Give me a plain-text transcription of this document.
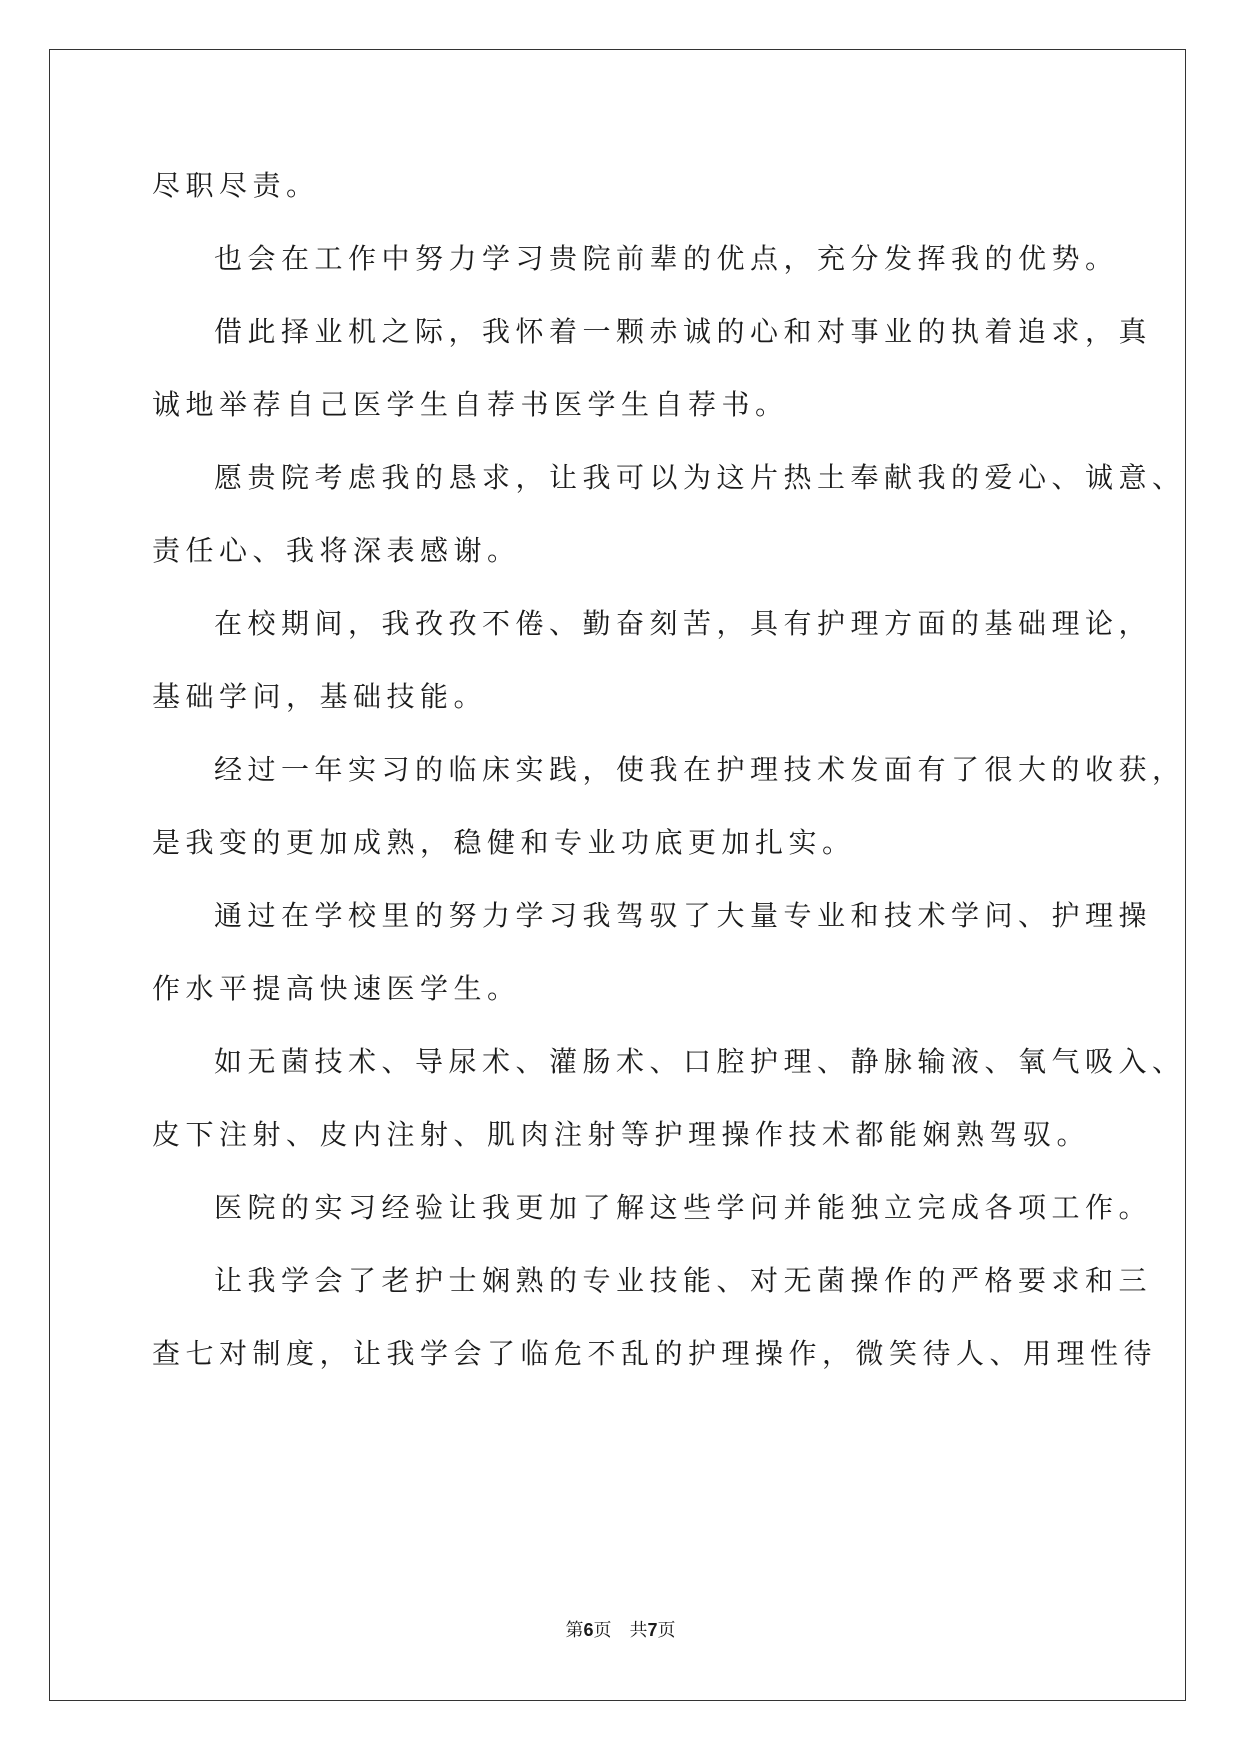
尽职尽责。
也会在工作中努力学习贵院前辈的优点，充分发挥我的优势。
借此择业机之际，我怀着一颗赤诚的心和对事业的执着追求，真
诚地举荐自己医学生自荐书医学生自荐书。
愿贵院考虑我的恳求，让我可以为这片热土奉献我的爱心、诚意、
责任心、我将深表感谢。
在校期间，我孜孜不倦、勤奋刻苦，具有护理方面的基础理论，
基础学问，基础技能。
经过一年实习的临床实践，使我在护理技术发面有了很大的收获，
是我变的更加成熟，稳健和专业功底更加扎实。
通过在学校里的努力学习我驾驭了大量专业和技术学问、护理操
作水平提高快速医学生。
如无菌技术、导尿术、灌肠术、口腔护理、静脉输液、氧气吸入、
皮下注射、皮内注射、肌肉注射等护理操作技术都能娴熟驾驭。
医院的实习经验让我更加了解这些学问并能独立完成各项工作。
让我学会了老护士娴熟的专业技能、对无菌操作的严格要求和三
查七对制度，让我学会了临危不乱的护理操作，微笑待人、用理性待
第6页 共7页
